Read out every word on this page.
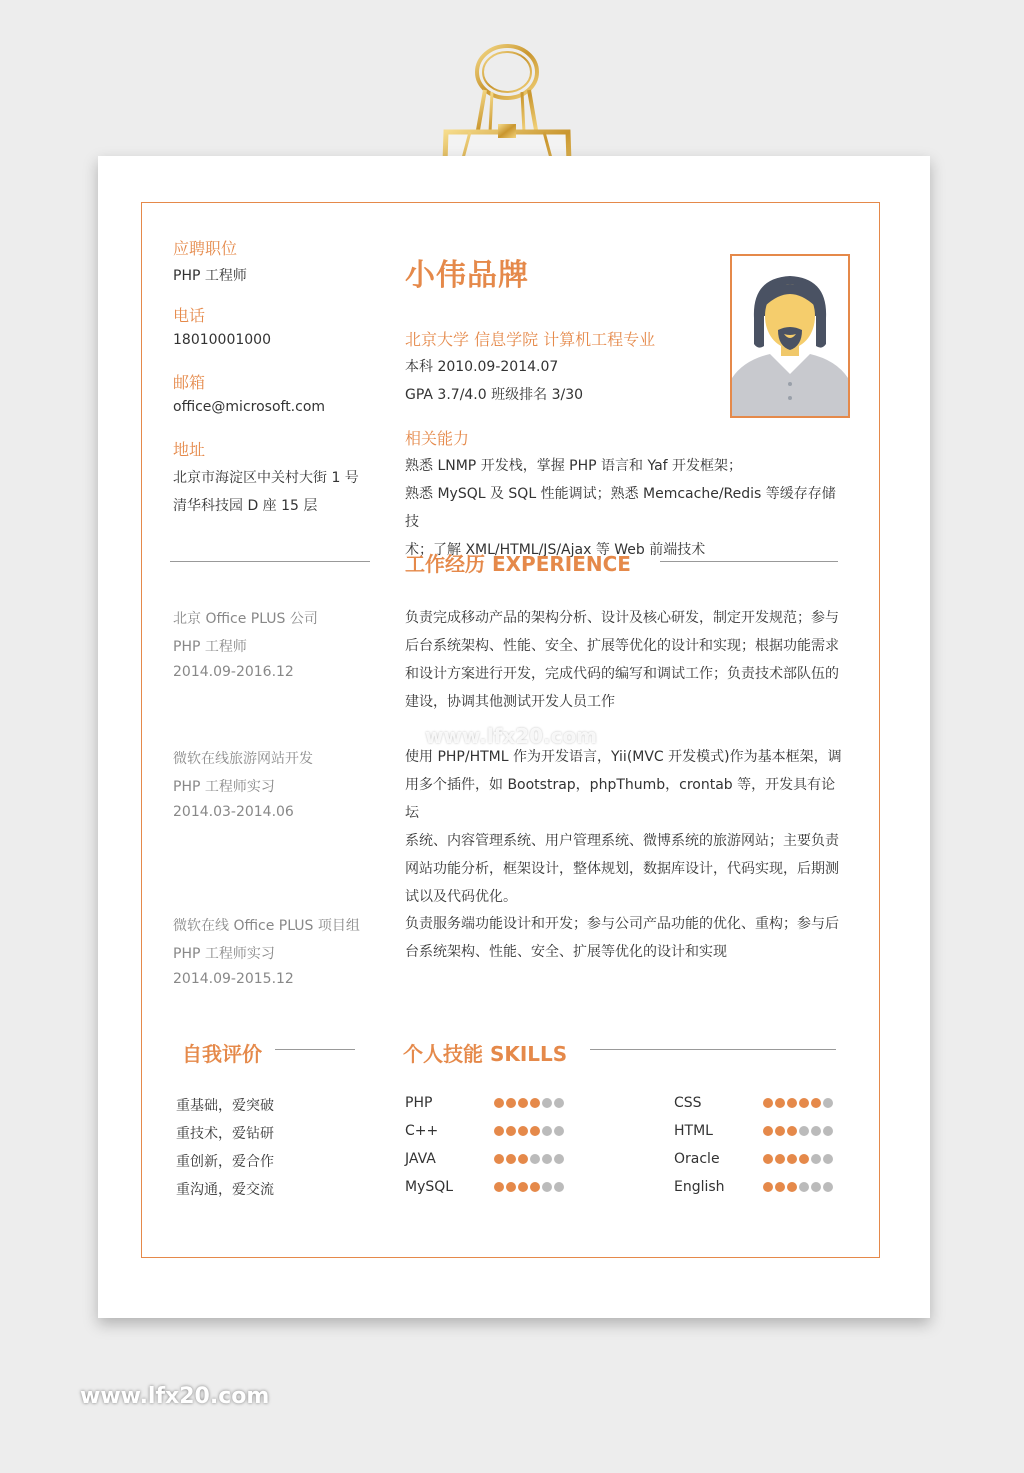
应聘职位
PHP 工程师
电话
18010001000
邮箱
office@microsoft.com
地址
北京市海淀区中关村大街 1 号
清华科技园 D 座 15 层
小伟品牌
北京大学 信息学院 计算机工程专业
本科 2010.09-2014.07
GPA 3.7/4.0 班级排名 3/30
相关能力
熟悉 LNMP 开发栈，掌握 PHP 语言和 Yaf 开发框架；
熟悉 MySQL 及 SQL 性能调试；熟悉 Memcache/Redis 等缓存存储技
术；了解 XML/HTML/JS/Ajax 等 Web 前端技术
工作经历 EXPERIENCE
北京 Office PLUS 公司
PHP 工程师
2014.09-2016.12
负责完成移动产品的架构分析、设计及核心研发，制定开发规范；参与
后台系统架构、性能、安全、扩展等优化的设计和实现；根据功能需求
和设计方案进行开发，完成代码的编写和调试工作；负责技术部队伍的
建设，协调其他测试开发人员工作
微软在线旅游网站开发
PHP 工程师实习
2014.03-2014.06
使用 PHP/HTML 作为开发语言，Yii(MVC 开发模式)作为基本框架，调
用多个插件，如 Bootstrap，phpThumb，crontab 等，开发具有论坛
系统、内容管理系统、用户管理系统、微博系统的旅游网站；主要负责
网站功能分析，框架设计，整体规划，数据库设计，代码实现，后期测
试以及代码优化。
微软在线 Office PLUS 项目组
PHP 工程师实习
2014.09-2015.12
负责服务端功能设计和开发；参与公司产品功能的优化、重构；参与后
台系统架构、性能、安全、扩展等优化的设计和实现
自我评价
重基础，爱突破
重技术，爱钻研
重创新，爱合作
重沟通，爱交流
个人技能 SKILLS
PHP
C++
JAVA
MySQL
CSS
HTML
Oracle
English
www.lfx20.com
www.lfx20.com
